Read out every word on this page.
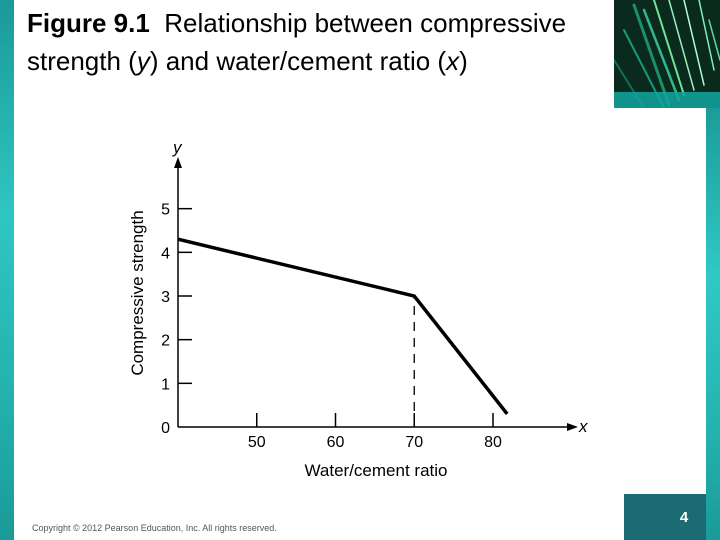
Figure 9.1 Relationship between compressive strength (y) and water/cement ratio (x)
0
1
2
3
4
5
50	60	70	80
y
x
Water/cement ratio
Compressive strength
Copyright © 2012 Pearson Education, Inc. All rights reserved.
4
